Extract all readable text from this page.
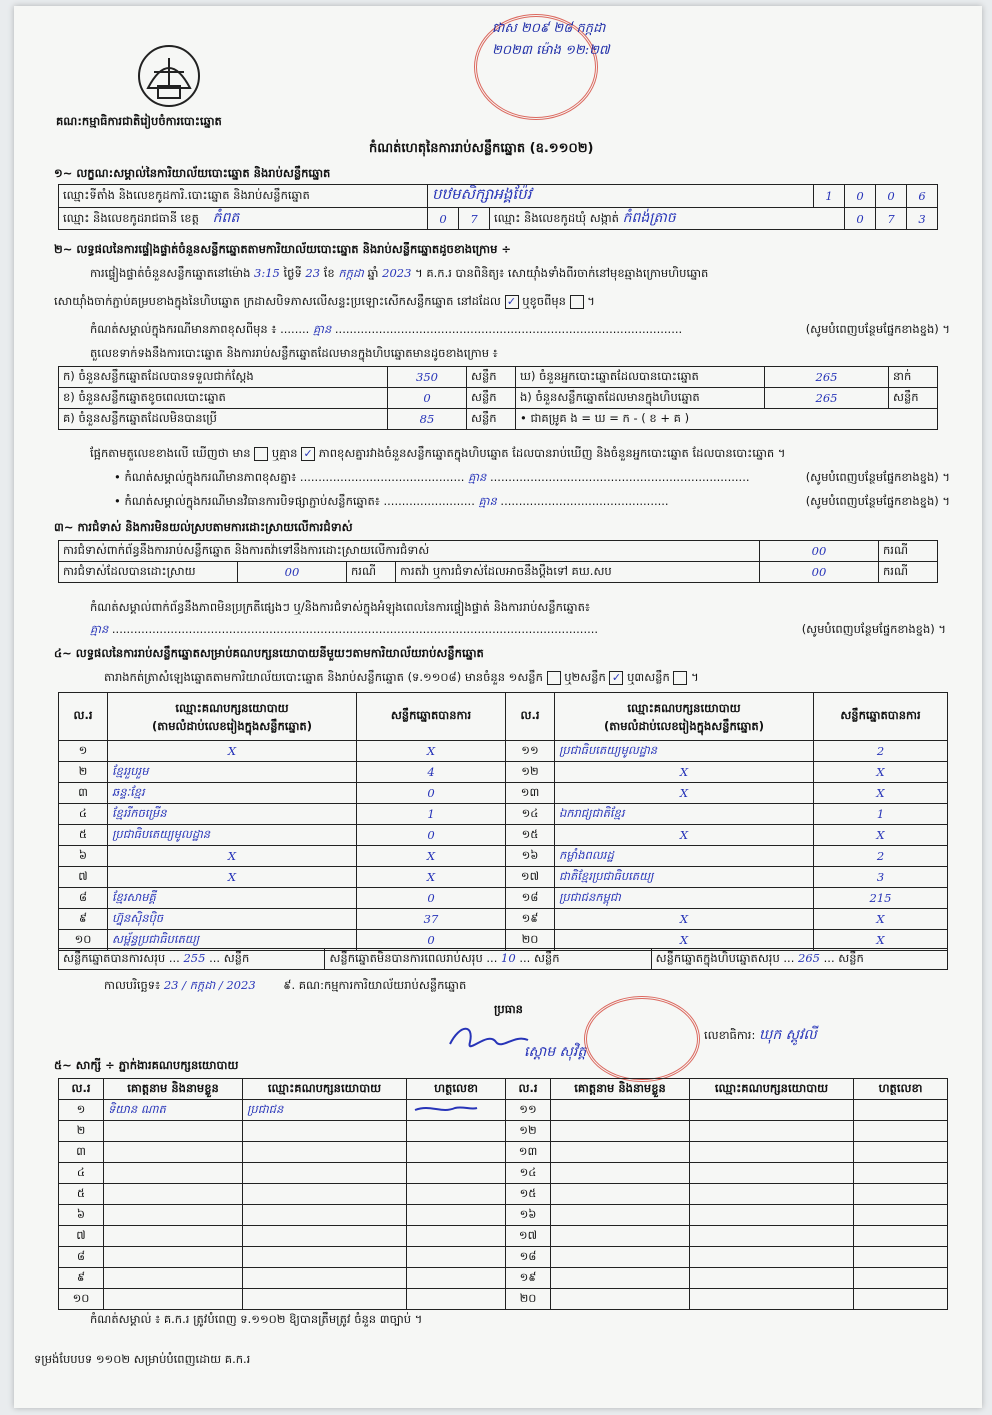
គណ:កម្មាធិការជាតិរៀបចំការបោះឆ្នោត
ជាស ២០៩ ២៨ កក្កដា ២០២៣ ម៉ោង ១២:២៧
កំណត់ហេតុនៃការរាប់សន្លឹកឆ្នោត (ឧ.១១០២)
១~ លក្ខណ:សម្គាល់នៃការិយាល័យបោះឆ្នោត និងរាប់សន្លឹកឆ្នោត
ឈ្មោះទីតាំង និងលេខកូដការិ.បោះឆ្នោត និងរាប់សន្លឹកឆ្នោត	បឋមសិក្សាអង្គប៉ែវ			1	0	0	6
ឈ្មោះ និងលេខកូដរាជធានី ខេត្ត កំពត	0	7	ឈ្មោះ និងលេខកូដឃុំ សង្កាត់ កំពង់ត្រាច		0	7	3
២~ លទ្ធផលនៃការផ្ទៀងផ្ទាត់ចំនួនសន្លឹកឆ្នោតតាមការិយាល័យបោះឆ្នោត និងរាប់សន្លឹកឆ្នោតដូចខាងក្រោម ÷
ការផ្ទៀងផ្ទាត់ចំនួនសន្លឹកឆ្នោតនៅម៉ោង 3:15 ថ្ងៃទី 23 ខែ កក្កដា ឆ្នាំ 2023 ។ គ.ក.រ បានពិនិត្យ៖ សោយ៉ាំងទាំងពីរចាក់នៅមុខឆ្មាងក្រោមហិបឆ្នោត
សោយ៉ាំងចាក់ភ្ជាប់គម្របខាងក្នុងនៃហិបឆ្នោត ក្រដាសបិទភាសលើសន្ទះប្រឡោះសើកសន្លឹកឆ្នោត នៅដដែល ✓ ឬខូចពីមុន  ។
កំណត់សម្គាល់ក្នុងករណីមានភាពខុសពីមុន ៖ ........ គ្មាន ...............................................................................................	(សូមបំពេញបន្ថែមផ្នែកខាងខ្នង) ។
តួលេខទាក់ទងនឹងការបោះឆ្នោត និងការរាប់សន្លឹកឆ្នោតដែលមានក្នុងហិបឆ្នោតមានដូចខាងក្រោម ៖
ក) ចំនួនសន្លឹកឆ្នោតដែលបានទទួលជាក់ស្តែង	350	សន្លឹក	ឃ) ចំនួនអ្នកបោះឆ្នោតដែលបានបោះឆ្នោត	265	នាក់
ខ) ចំនួនសន្លឹកឆ្នោតខូចពេលបោះឆ្នោត	0	សន្លឹក	ង) ចំនួនសន្លឹកឆ្នោតដែលមានក្នុងហិបឆ្នោត	265	សន្លឹក
គ) ចំនួនសន្លឹកឆ្នោតដែលមិនបានប្រើ	85	សន្លឹក	• ជាគម្រូគ ង = ឃ = ក - ( ខ + គ )		
ផ្អែកតាមតួលេខខាងលើ ឃើញថា មាន ឬគ្មាន ✓ ភាពខុសគ្នារវាងចំនួនសន្លឹកឆ្នោតក្នុងហិបឆ្នោត ដែលបានរាប់ឃើញ និងចំនួនអ្នកបោះឆ្នោត ដែលបានបោះឆ្នោត ។
• កំណត់សម្គាល់ក្នុងករណីមានភាពខុសគ្នា៖ ............................................. គ្មាន .......................................................................	(សូមបំពេញបន្ថែមផ្នែកខាងខ្នង) ។
• កំណត់សម្គាល់ក្នុងករណីមានវិធានការបិទផ្សាភ្ជាប់សន្លឹកឆ្នោត៖ ......................... គ្មាន ..............................................	(សូមបំពេញបន្ថែមផ្នែកខាងខ្នង) ។
៣~ ការជំទាស់ និងការមិនយល់ស្របតាមការដោះស្រាយលើការជំទាស់
ការជំទាស់ពាក់ព័ន្ធនឹងការរាប់សន្លឹកឆ្នោត និងការតវ៉ាទៅនឹងការដោះស្រាយលើការជំទាស់				00	ករណី
ការជំទាស់ដែលបានដោះស្រាយ	00	ករណី	ការតវ៉ា ឬការជំទាស់ដែលអាចនឹងប្តឹងទៅ គឃ.សប	00	ករណី
កំណត់សម្គាល់ពាក់ព័ន្ធនឹងភាពមិនប្រក្រតីផ្សេងៗ ឬ/និងការជំទាស់ក្នុងអំឡុងពេលនៃការផ្ទៀងផ្ទាត់ និងការរាប់សន្លឹកឆ្នោត៖
គ្មាន .....................................................................................................................................	(សូមបំពេញបន្ថែមផ្នែកខាងខ្នង) ។
៤~ លទ្ធផលនៃការរាប់សន្លឹកឆ្នោតសម្រាប់គណបក្សនយោបាយនីមួយៗតាមការិយាល័យរាប់សន្លឹកឆ្នោត
តារាងកត់ត្រាសំឡេងឆ្នោតតាមការិយាល័យបោះឆ្នោត និងរាប់សន្លឹកឆ្នោត (ទ.១១០៨) មានចំនួន ១សន្លឹក ឬ២សន្លឹក ✓ ឬ៣សន្លឹក  ។
ល.រ	ឈ្មោះគណបក្សនយោបាយ
(តាមលំដាប់លេខរៀងក្នុងសន្លឹកឆ្នោត)	សន្លឹកឆ្នោតបានការ	ល.រ	ឈ្មោះគណបក្សនយោបាយ
(តាមលំដាប់លេខរៀងក្នុងសន្លឹកឆ្នោត)	សន្លឹកឆ្នោតបានការ
១	X	X	១១	ប្រជាធិបតេយ្យមូលដ្ឋាន	2
២	ខ្មែររួបរួម	4	១២	X	X
៣	ឆន្ទៈខ្មែរ	0	១៣	X	X
៤	ខ្មែររីកចម្រើន	1	១៤	ឯករាជ្យជាតិខ្មែរ	1
៥	ប្រជាធិបតេយ្យមូលដ្ឋាន	0	១៥	X	X
៦	X	X	១៦	កម្លាំងពលរដ្ឋ	2
៧	X	X	១៧	ជាតិខ្មែរប្រជាធិបតេយ្យ	3
៨	ខ្មែរសាមគ្គី	0	១៨	ប្រជាជនកម្ពុជា	215
៩	ហ្វ៊ុនស៊ិនប៉ិច	37	១៩	X	X
១០	សម្ព័ន្ធប្រជាធិបតេយ្យ	0	២០	X	X
សន្លឹកឆ្នោតបានការសរុប ... 255 ... សន្លឹក	សន្លឹកឆ្នោតមិនបានការពេលរាប់សរុប ... 10 ... សន្លឹក	សន្លឹកឆ្នោតក្នុងហិបឆ្នោតសរុប ... 265 ... សន្លឹក
កាលបរិច្ឆេទ៖ 23 / កក្កដា / 2023 ៩. គណ:កម្មការការិយាល័យរាប់សន្លឹកឆ្នោត
ប្រធាន
ស្តោម សុវិត្ត
លេខាធិការ: ឃុក ស្តូវលី
៥~ សាក្សី ÷ ភ្នាក់ងារគណបក្សនយោបាយ
ល.រ	គោត្តនាម និងនាមខ្លួន	ឈ្មោះគណបក្សនយោបាយ	ហត្ថលេខា	ល.រ	គោត្តនាម និងនាមខ្លួន	ឈ្មោះគណបក្សនយោបាយ	ហត្ថលេខា
១	ទិយាន ណាត	ប្រជាជន		១១			
២				១២			
៣				១៣			
៤				១៤			
៥				១៥			
៦				១៦			
៧				១៧			
៨				១៨			
៩				១៩			
១០				២០			
កំណត់សម្គាល់ ៖ គ.ក.រ ត្រូវបំពេញ ទ.១១០២ ឱ្យបានត្រឹមត្រូវ ចំនួន ៣ច្បាប់ ។
ទម្រង់បែបបទ ១១០២ សម្រាប់បំពេញដោយ គ.ក.រ
